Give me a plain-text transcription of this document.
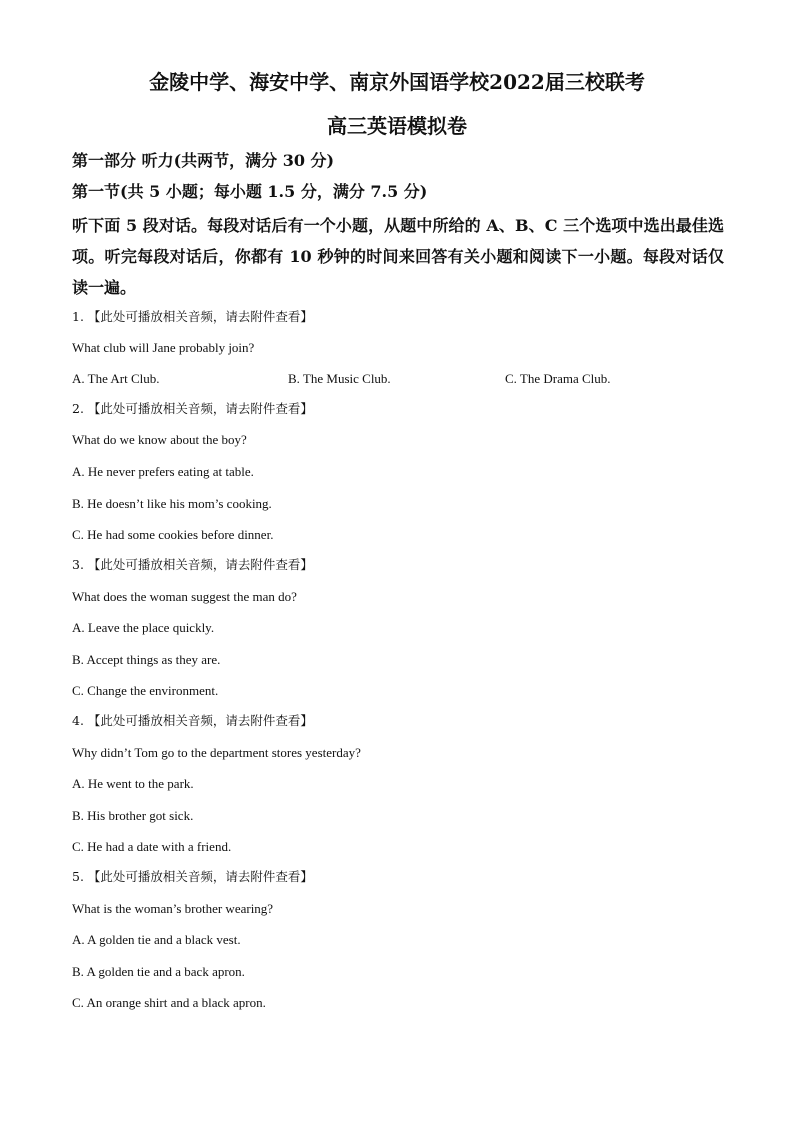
金陵中学、海安中学、南京外国语学校2022届三校联考
高三英语模拟卷
第一部分 听力(共两节，满分 30 分)
第一节(共 5 小题；每小题 1.5 分，满分 7.5 分)
听下面 5 段对话。每段对话后有一个小题，从题中所给的 A、B、C 三个选项中选出最佳选项。听完每段对话后，你都有 10 秒钟的时间来回答有关小题和阅读下一小题。每段对话仅读一遍。
1. 【此处可播放相关音频，请去附件查看】
What club will Jane probably join?
A. The Art Club.	B. The Music Club.	C. The Drama Club.
2. 【此处可播放相关音频，请去附件查看】
What do we know about the boy?
A. He never prefers eating at table.
B. He doesn’t like his mom’s cooking.
C. He had some cookies before dinner.
3. 【此处可播放相关音频，请去附件查看】
What does the woman suggest the man do?
A. Leave the place quickly.
B. Accept things as they are.
C. Change the environment.
4. 【此处可播放相关音频，请去附件查看】
Why didn’t Tom go to the department stores yesterday?
A. He went to the park.
B. His brother got sick.
C. He had a date with a friend.
5. 【此处可播放相关音频，请去附件查看】
What is the woman’s brother wearing?
A. A golden tie and a black vest.
B. A golden tie and a back apron.
C. An orange shirt and a black apron.
